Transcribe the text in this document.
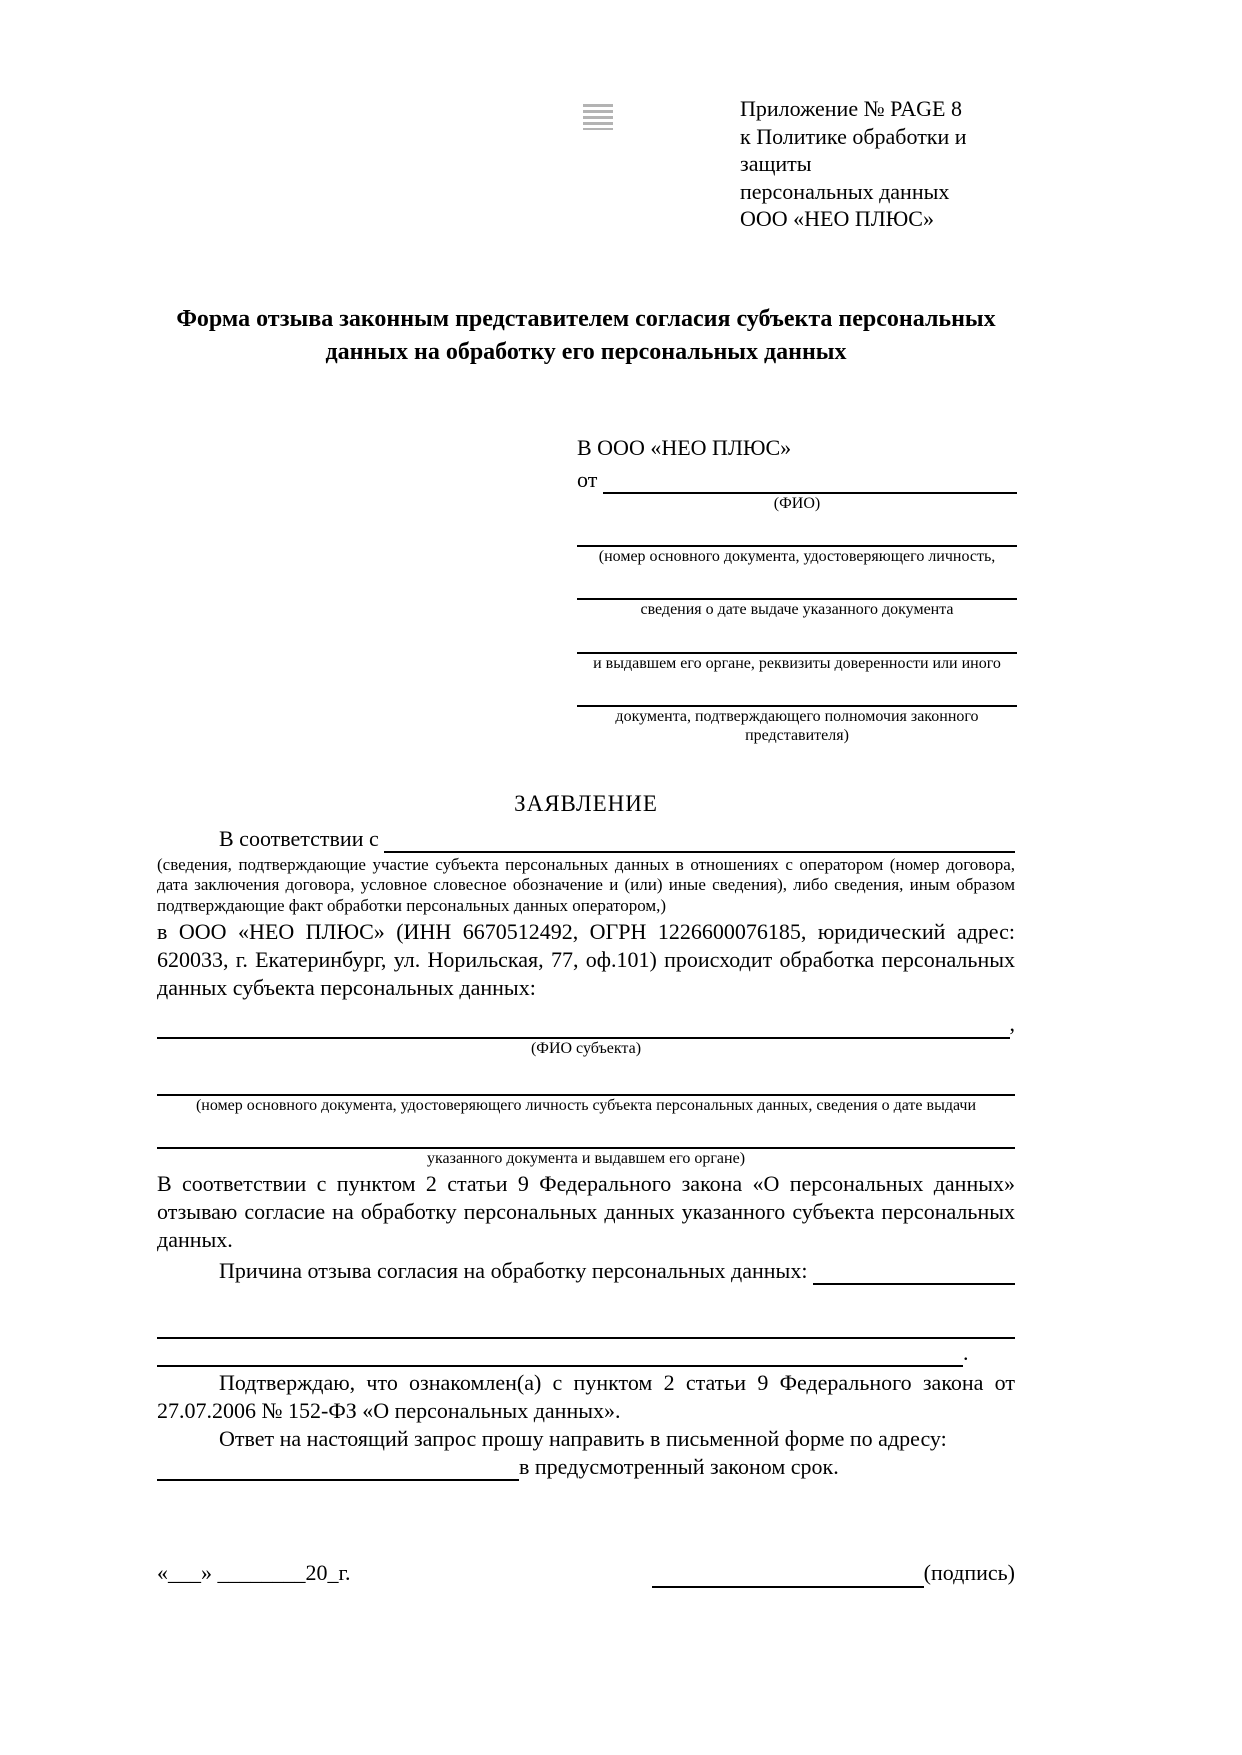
Приложение № PAGE 8
к Политике обработки и защиты
персональных данных
ООО «НЕО ПЛЮС»
Форма отзыва законным представителем согласия субъекта персональных данных на обработку его персональных данных
В ООО «НЕО ПЛЮС»
от
(ФИО)
(номер основного документа, удостоверяющего личность,
сведения о дате выдаче указанного документа
и выдавшем его органе, реквизиты доверенности или иного
документа, подтверждающего полномочия законного представителя)
ЗАЯВЛЕНИЕ
В соответствии с
(сведения, подтверждающие участие субъекта персональных данных в отношениях с оператором (номер договора, дата заключения договора, условное словесное обозначение и (или) иные сведения), либо сведения, иным образом подтверждающие факт обработки персональных данных оператором,)
в ООО «НЕО ПЛЮС» (ИНН 6670512492, ОГРН 1226600076185, юридический адрес: 620033, г. Екатеринбург, ул. Норильская, 77, оф.101) происходит обработка персональных данных субъекта персональных данных:
,
(ФИО субъекта)
(номер основного документа, удостоверяющего личность субъекта персональных данных, сведения о дате выдачи
указанного документа и выдавшем его органе)
В соответствии с пунктом 2 статьи 9 Федерального закона «О персональных данных» отзываю согласие на обработку персональных данных указанного субъекта персональных данных.
Причина отзыва согласия на обработку персональных данных:
.
Подтверждаю, что ознакомлен(а) с пунктом 2 статьи 9 Федерального закона от 27.07.2006 № 152-ФЗ «О персональных данных».
Ответ на настоящий запрос прошу направить в письменной форме по адресу:
в предусмотренный законом срок.
«___» ________20_г.	(подпись)
